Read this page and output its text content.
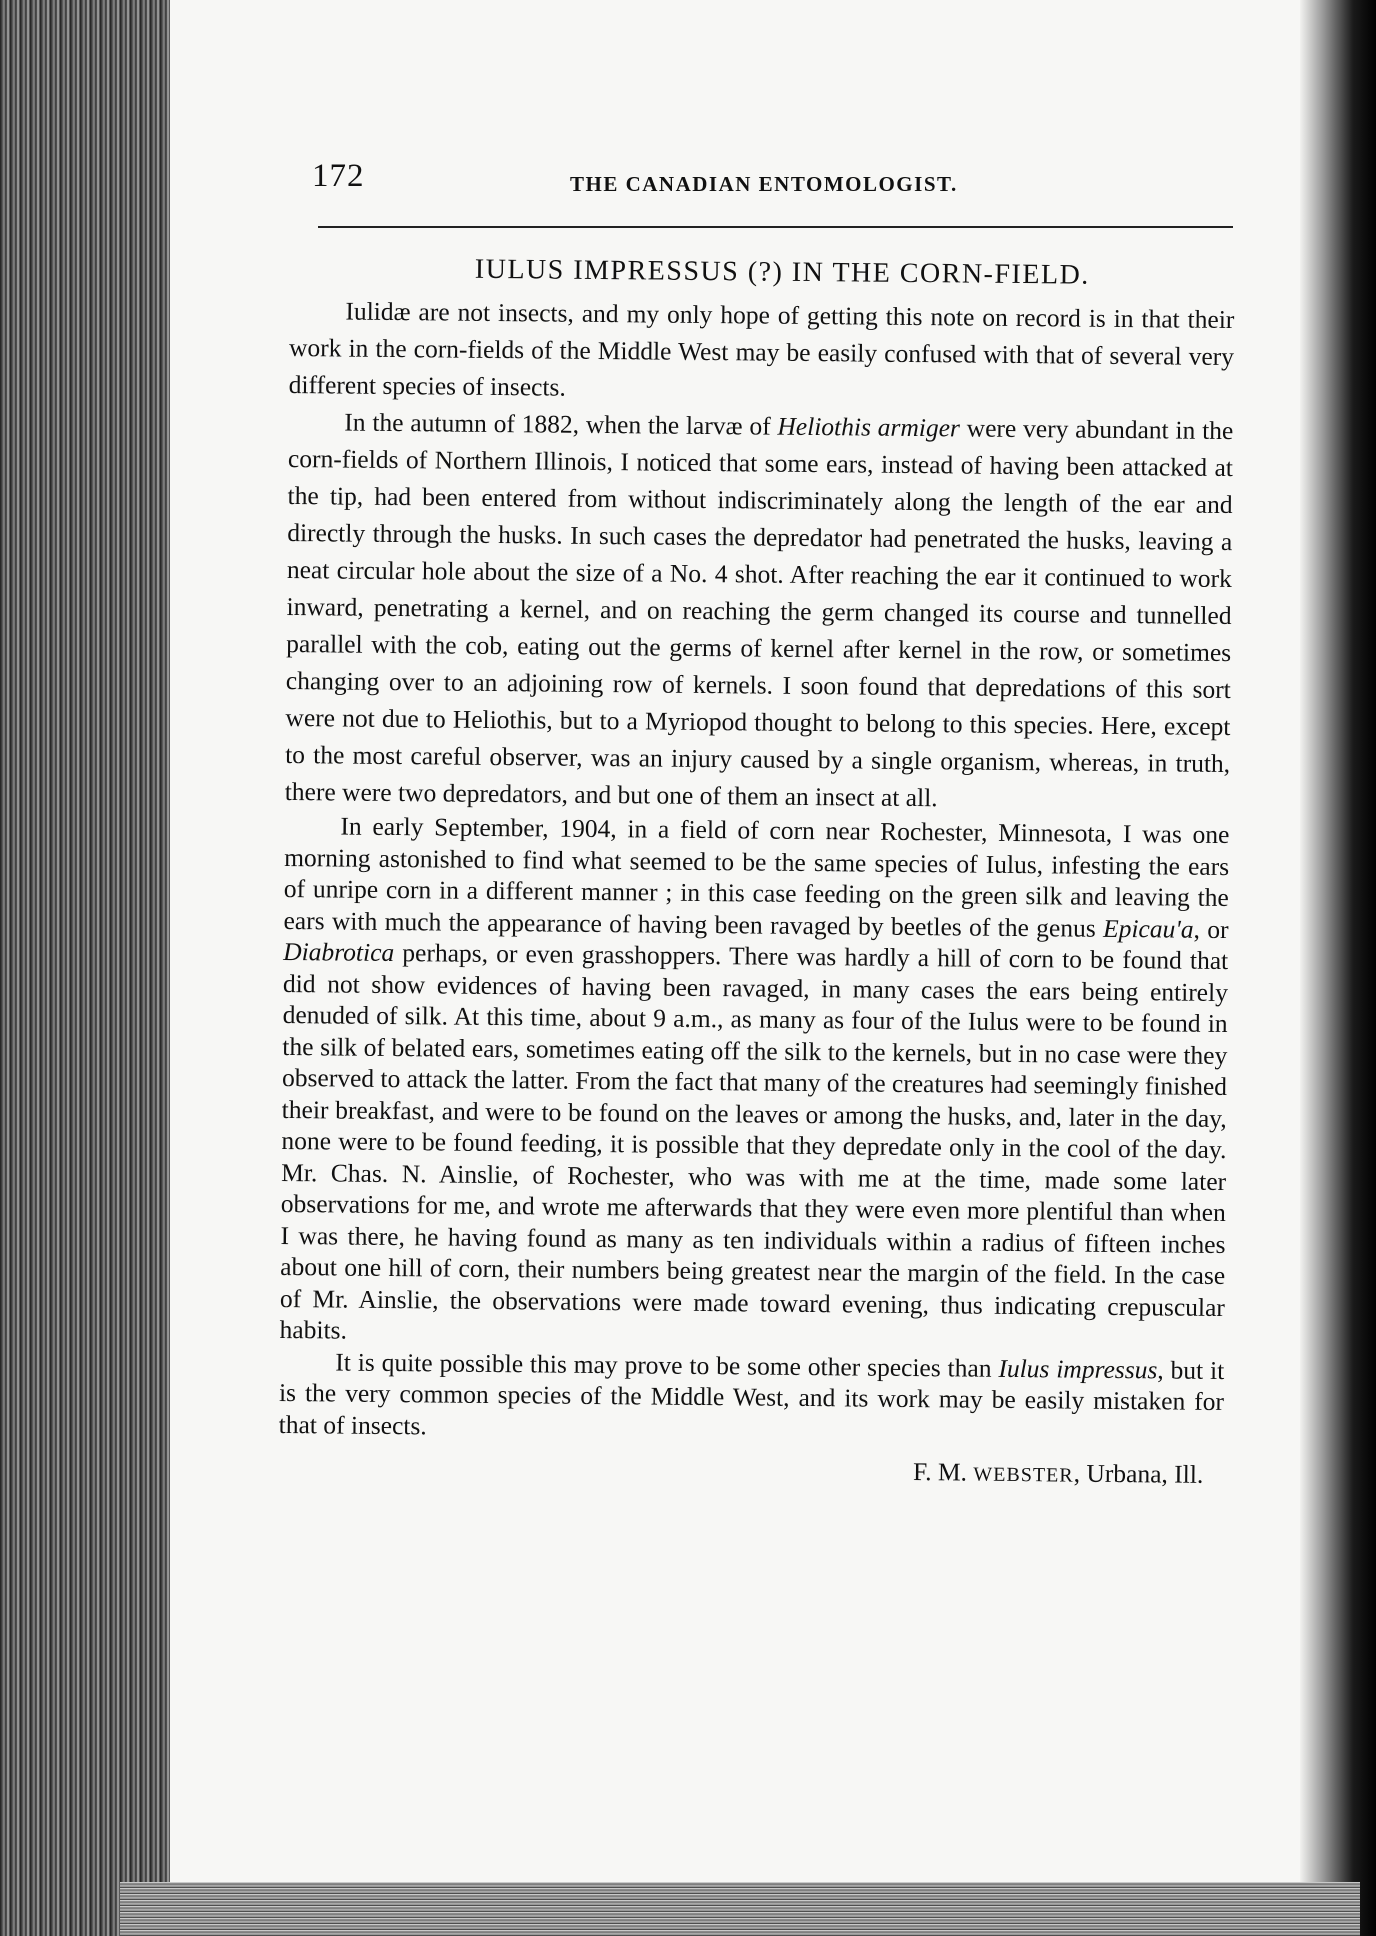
172	THE CANADIAN ENTOMOLOGIST.
IULUS IMPRESSUS (?) IN THE CORN-FIELD.

Iulidæ are not insects, and my only hope of getting this note on record is in that their work in the corn-fields of the Middle West may be easily confused with that of several very different species of insects.

In the autumn of 1882, when the larvæ of Heliothis armiger were very abundant in the corn-fields of Northern Illinois, I noticed that some ears, instead of having been attacked at the tip, had been entered from without indiscriminately along the length of the ear and directly through the husks. In such cases the depredator had penetrated the husks, leaving a neat circular hole about the size of a No. 4 shot. After reaching the ear it continued to work inward, penetrating a kernel, and on reaching the germ changed its course and tunnelled parallel with the cob, eating out the germs of kernel after kernel in the row, or sometimes changing over to an adjoining row of kernels. I soon found that depredations of this sort were not due to Heliothis, but to a Myriopod thought to belong to this species. Here, except to the most careful observer, was an injury caused by a single organism, whereas, in truth, there were two depredators, and but one of them an insect at all.

In early September, 1904, in a field of corn near Rochester, Minnesota, I was one morning astonished to find what seemed to be the same species of Iulus, infesting the ears of unripe corn in a different manner ; in this case feeding on the green silk and leaving the ears with much the appearance of having been ravaged by beetles of the genus Epicau'a, or Diabrotica perhaps, or even grasshoppers. There was hardly a hill of corn to be found that did not show evidences of having been ravaged, in many cases the ears being entirely denuded of silk. At this time, about 9 a.m., as many as four of the Iulus were to be found in the silk of belated ears, sometimes eating off the silk to the kernels, but in no case were they observed to attack the latter. From the fact that many of the creatures had seemingly finished their breakfast, and were to be found on the leaves or among the husks, and, later in the day, none were to be found feeding, it is possible that they depredate only in the cool of the day. Mr. Chas. N. Ainslie, of Rochester, who was with me at the time, made some later observations for me, and wrote me afterwards that they were even more plentiful than when I was there, he having found as many as ten individuals within a radius of fifteen inches about one hill of corn, their numbers being greatest near the margin of the field. In the case of Mr. Ainslie, the observations were made toward evening, thus indicating crepuscular habits.

It is quite possible this may prove to be some other species than Iulus impressus, but it is the very common species of the Middle West, and its work may be easily mistaken for that of insects.

F. M. WEBSTER, Urbana, Ill.
